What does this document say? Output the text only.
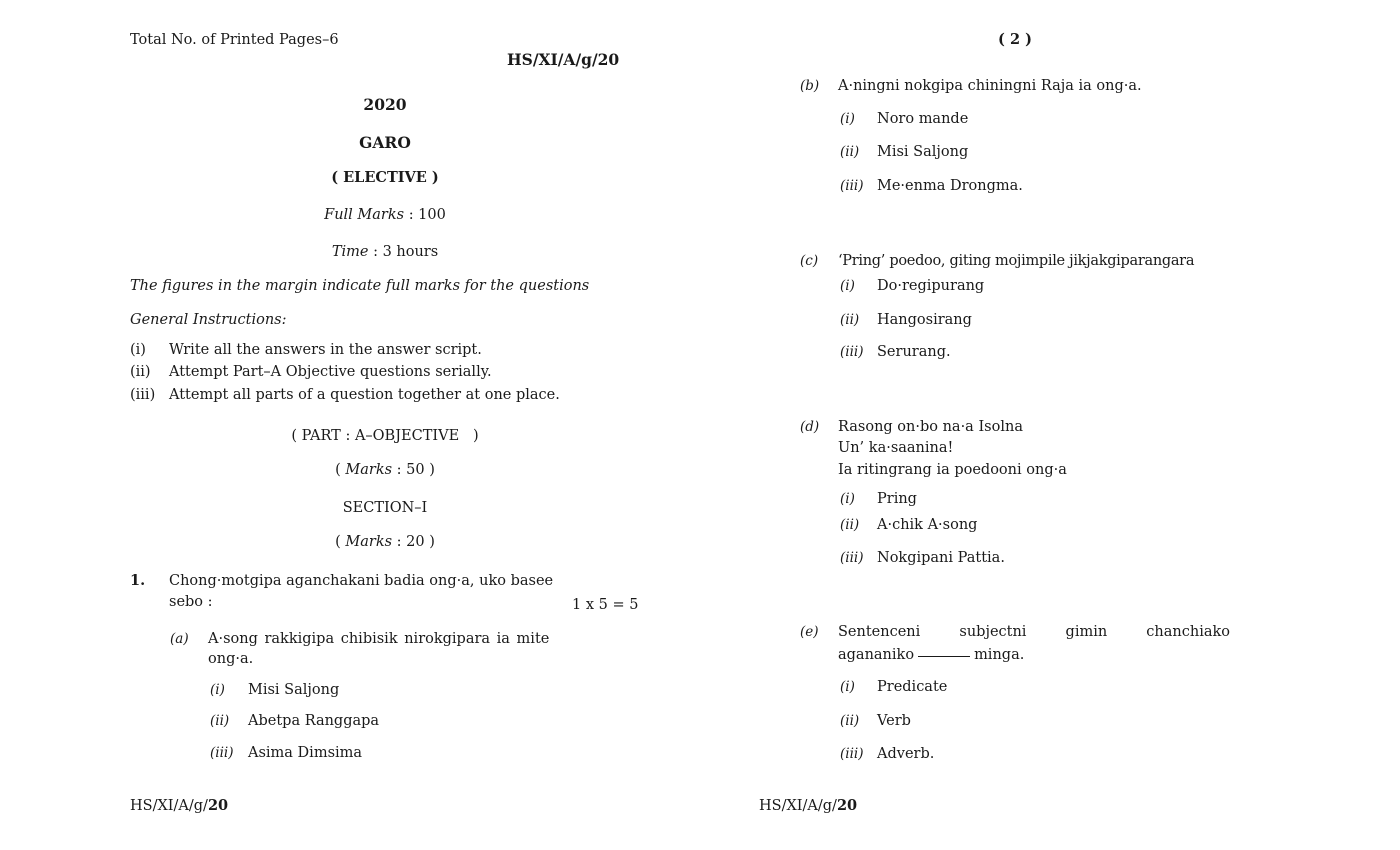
Total No. of Printed Pages–6
HS/XI/A/g/20
2020
GARO
( ELECTIVE )
Full Marks : 100
Time : 3 hours
The figures in the margin indicate full marks for the questions
General Instructions:
(i) Write all the answers in the answer script.
(ii) Attempt Part–A Objective questions serially.
(iii) Attempt all parts of a question together at one place.
( PART : A–OBJECTIVE   )
( Marks : 50 )
SECTION–I
( Marks : 20 )
1. Chong·motgipa aganchakani badia ong·a, uko basee
sebo :	1 x 5 = 5
(a) A·song rakkigipa chibisik nirokgipara ia mite
ong·a.
(i) Misi Saljong
(ii) Abetpa Ranggapa
(iii) Asima Dimsima
HS/XI/A/g/20
( 2 )
(b) A·ningni nokgipa chiningni Raja ia ong·a.
(i) Noro mande
(ii) Misi Saljong
(iii) Me·enma Drongma.
(c) ‘Pring’ poedoo, giting mojimpile jikjakgiparangara
(i) Do·regipurang
(ii) Hangosirang
(iii) Serurang.
(d) Rasong on·bo na·a Isolna
Un’ ka·saanina!
Ia ritingrang ia poedooni ong·a
(i) Pring
(ii) A·chik A·song
(iii) Nokgipani Pattia.
(e) Sentenceni subjectni gimin chanchiako
agananiko	minga.
(i) Predicate
(ii) Verb
(iii) Adverb.
HS/XI/A/g/20
